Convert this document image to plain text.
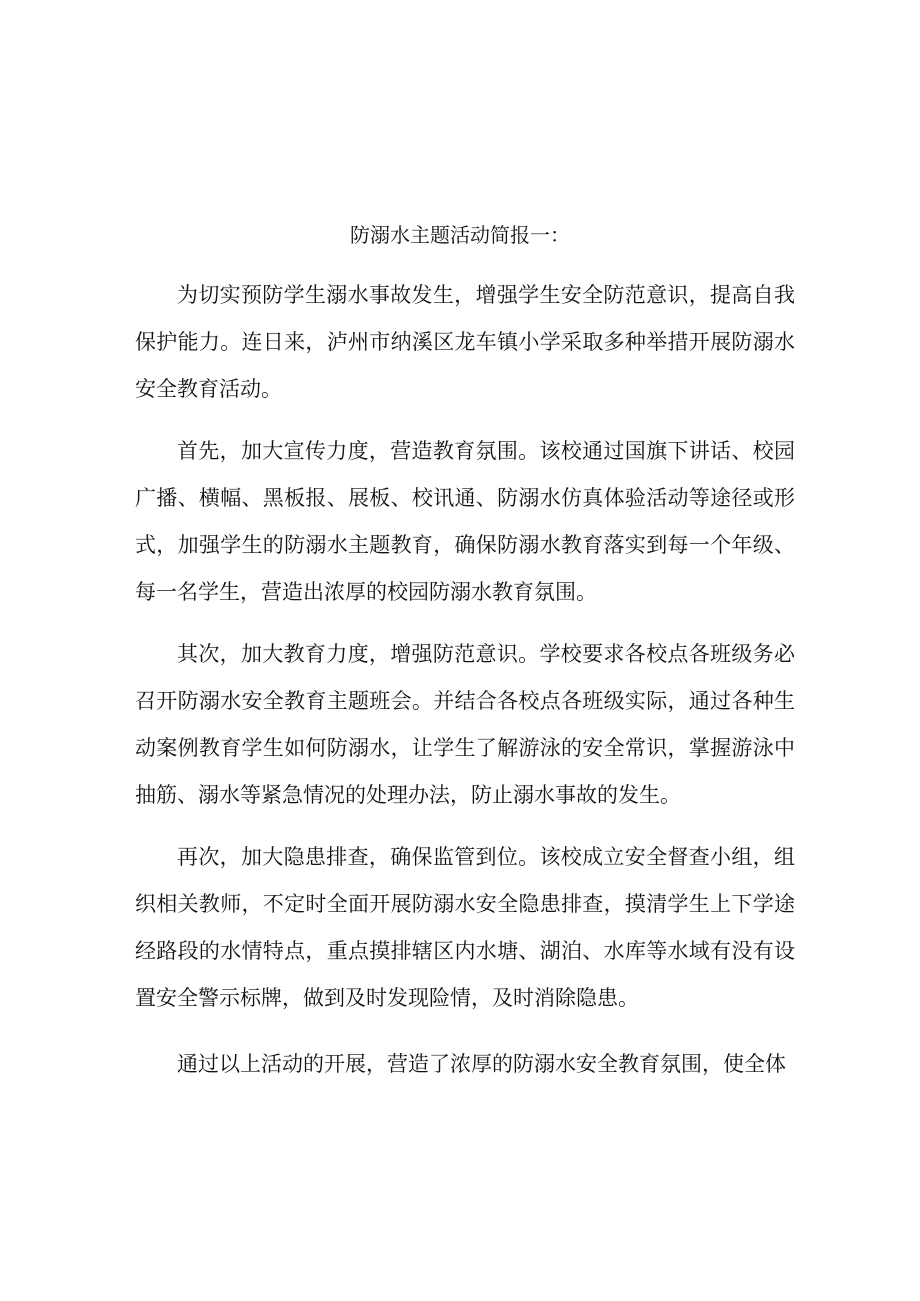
防溺水主题活动简报一：

为切实预防学生溺水事故发生，增强学生安全防范意识，提高自我保护能力。连日来，泸州市纳溪区龙车镇小学采取多种举措开展防溺水安全教育活动。

首先，加大宣传力度，营造教育氛围。该校通过国旗下讲话、校园广播、横幅、黑板报、展板、校讯通、防溺水仿真体验活动等途径或形式，加强学生的防溺水主题教育，确保防溺水教育落实到每一个年级、每一名学生，营造出浓厚的校园防溺水教育氛围。

其次，加大教育力度，增强防范意识。学校要求各校点各班级务必召开防溺水安全教育主题班会。并结合各校点各班级实际，通过各种生动案例教育学生如何防溺水，让学生了解游泳的安全常识，掌握游泳中抽筋、溺水等紧急情况的处理办法，防止溺水事故的发生。

再次，加大隐患排查，确保监管到位。该校成立安全督查小组，组织相关教师，不定时全面开展防溺水安全隐患排查，摸清学生上下学途经路段的水情特点，重点摸排辖区内水塘、湖泊、水库等水域有没有设置安全警示标牌，做到及时发现险情，及时消除隐患。

通过以上活动的开展，营造了浓厚的防溺水安全教育氛围，使全体
